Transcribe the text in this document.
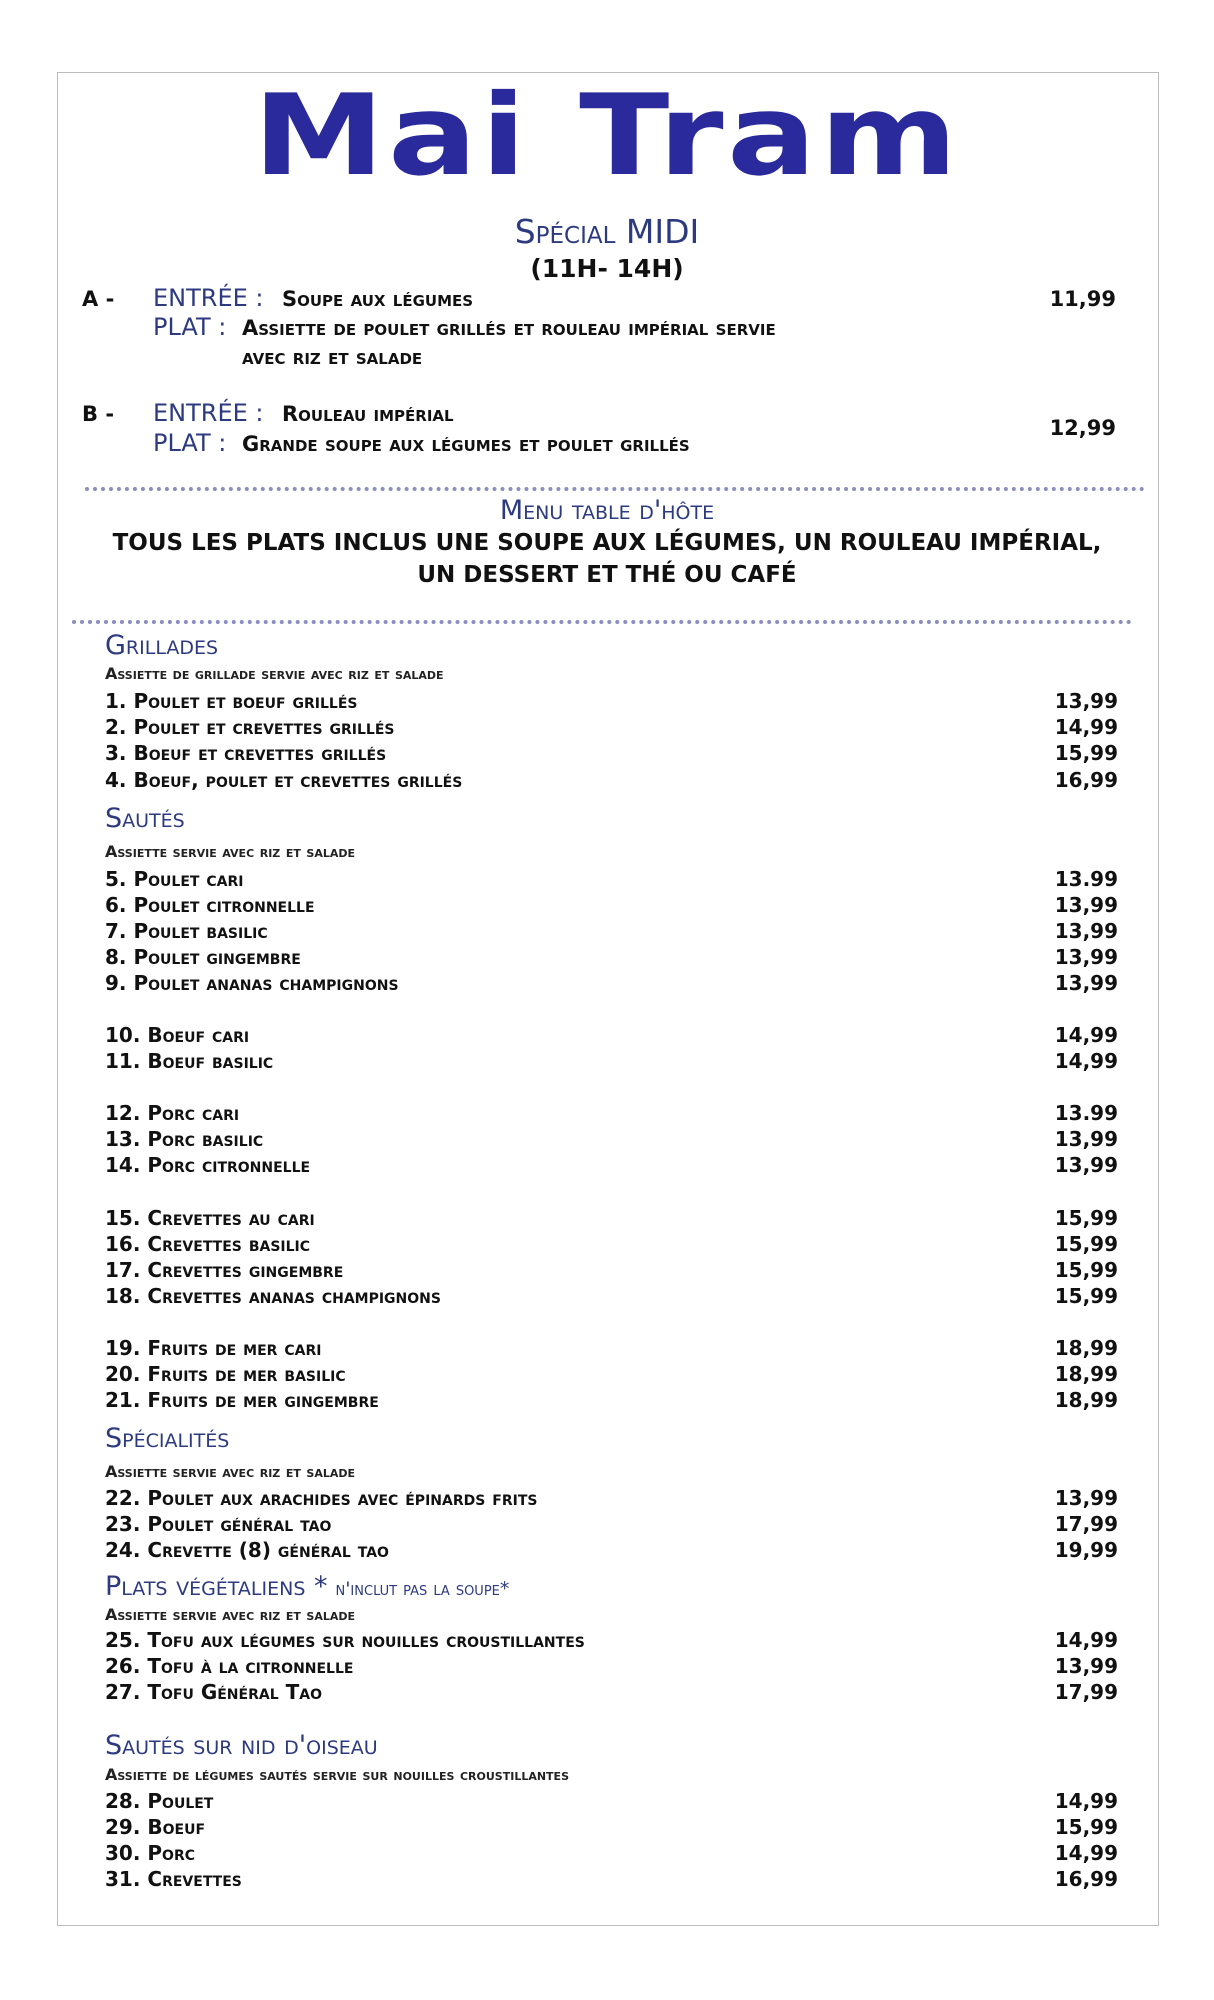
Mai Tram
Spécial MIDI
(11H- 14H)
A - ENTRÉE : Soupe aux légumes
PLAT : Assiette de poulet grillés et rouleau impérial servie
avec riz et salade
11,99
B - ENTRÉE : Rouleau impérial
PLAT : Grande soupe aux légumes et poulet grillés
12,99
Menu table d'hôte
TOUS LES PLATS INCLUS UNE SOUPE AUX LÉGUMES, UN ROULEAU IMPÉRIAL,
UN DESSERT ET THÉ OU CAFÉ
Grillades
Assiette de grillade servie avec riz et salade
1. Poulet et boeuf grillés	13,99
2. Poulet et crevettes grillés	14,99
3. Boeuf et crevettes grillés	15,99
4. Boeuf, poulet et crevettes grillés	16,99
Sautés
Assiette servie avec riz et salade
5. Poulet cari	13.99
6. Poulet citronnelle	13,99
7. Poulet basilic	13,99
8. Poulet gingembre	13,99
9. Poulet ananas champignons	13,99
10. Boeuf cari	14,99
11. Boeuf basilic	14,99
12. Porc cari	13.99
13. Porc basilic	13,99
14. Porc citronnelle	13,99
15. Crevettes au cari	15,99
16. Crevettes basilic	15,99
17. Crevettes gingembre	15,99
18. Crevettes ananas champignons	15,99
19. Fruits de mer cari	18,99
20. Fruits de mer basilic	18,99
21. Fruits de mer gingembre	18,99
Spécialités
Assiette servie avec riz et salade
22. Poulet aux arachides avec épinards frits	13,99
23. Poulet général tao	17,99
24. Crevette (8) général tao	19,99
Plats végétaliens * n'inclut pas la soupe*
Assiette servie avec riz et salade
25. Tofu aux légumes sur nouilles croustillantes	14,99
26. Tofu à la citronnelle	13,99
27. Tofu Général Tao	17,99
Sautés sur nid d'oiseau
Assiette de légumes sautés servie sur nouilles croustillantes
28. Poulet	14,99
29. Boeuf	15,99
30. Porc	14,99
31. Crevettes	16,99
